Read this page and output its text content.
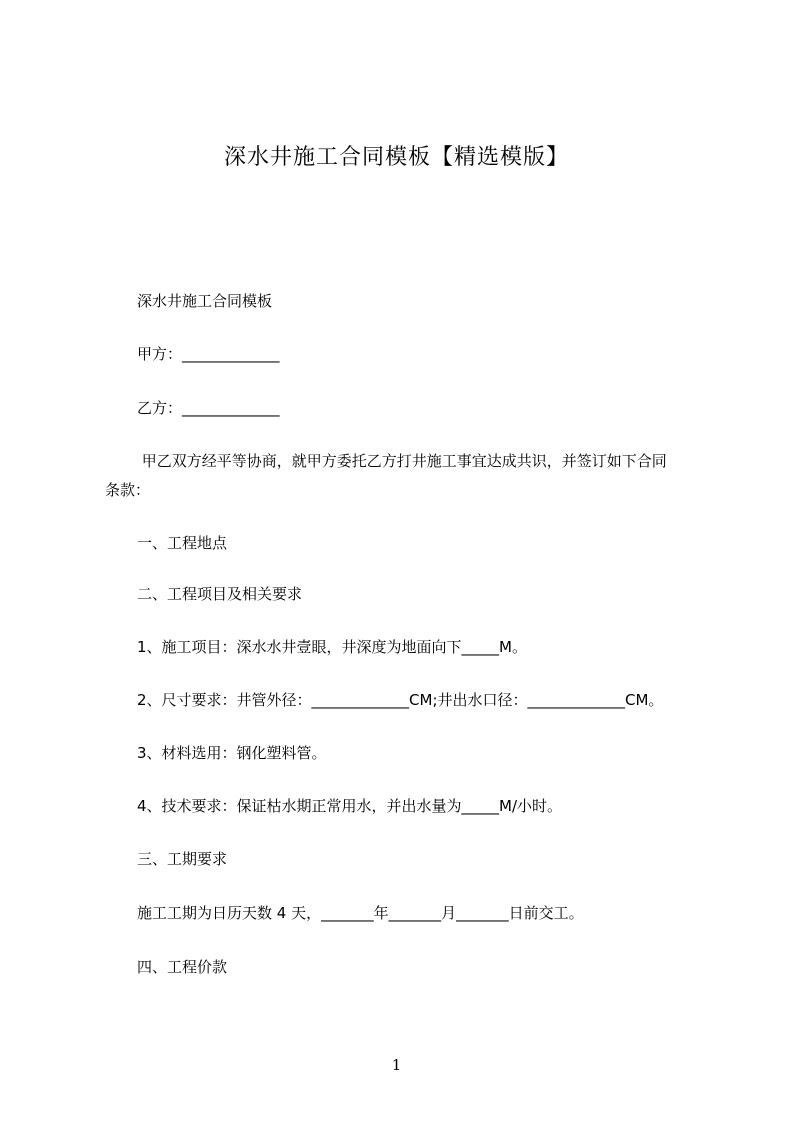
深水井施工合同模板【精选模版】
深水井施工合同模板
甲方：_____________
乙方：_____________
甲乙双方经平等协商，就甲方委托乙方打井施工事宜达成共识，并签订如下合同
条款：
一、工程地点
二、工程项目及相关要求
1、施工项目：深水水井壹眼，井深度为地面向下_____M。
2、尺寸要求：井管外径：_____________CM;井出水口径：_____________CM。
3、材料选用：钢化塑料管。
4、技术要求：保证枯水期正常用水，并出水量为_____M/小时。
三、工期要求
施工工期为日历天数 4 天，_______年_______月_______日前交工。
四、工程价款
1
